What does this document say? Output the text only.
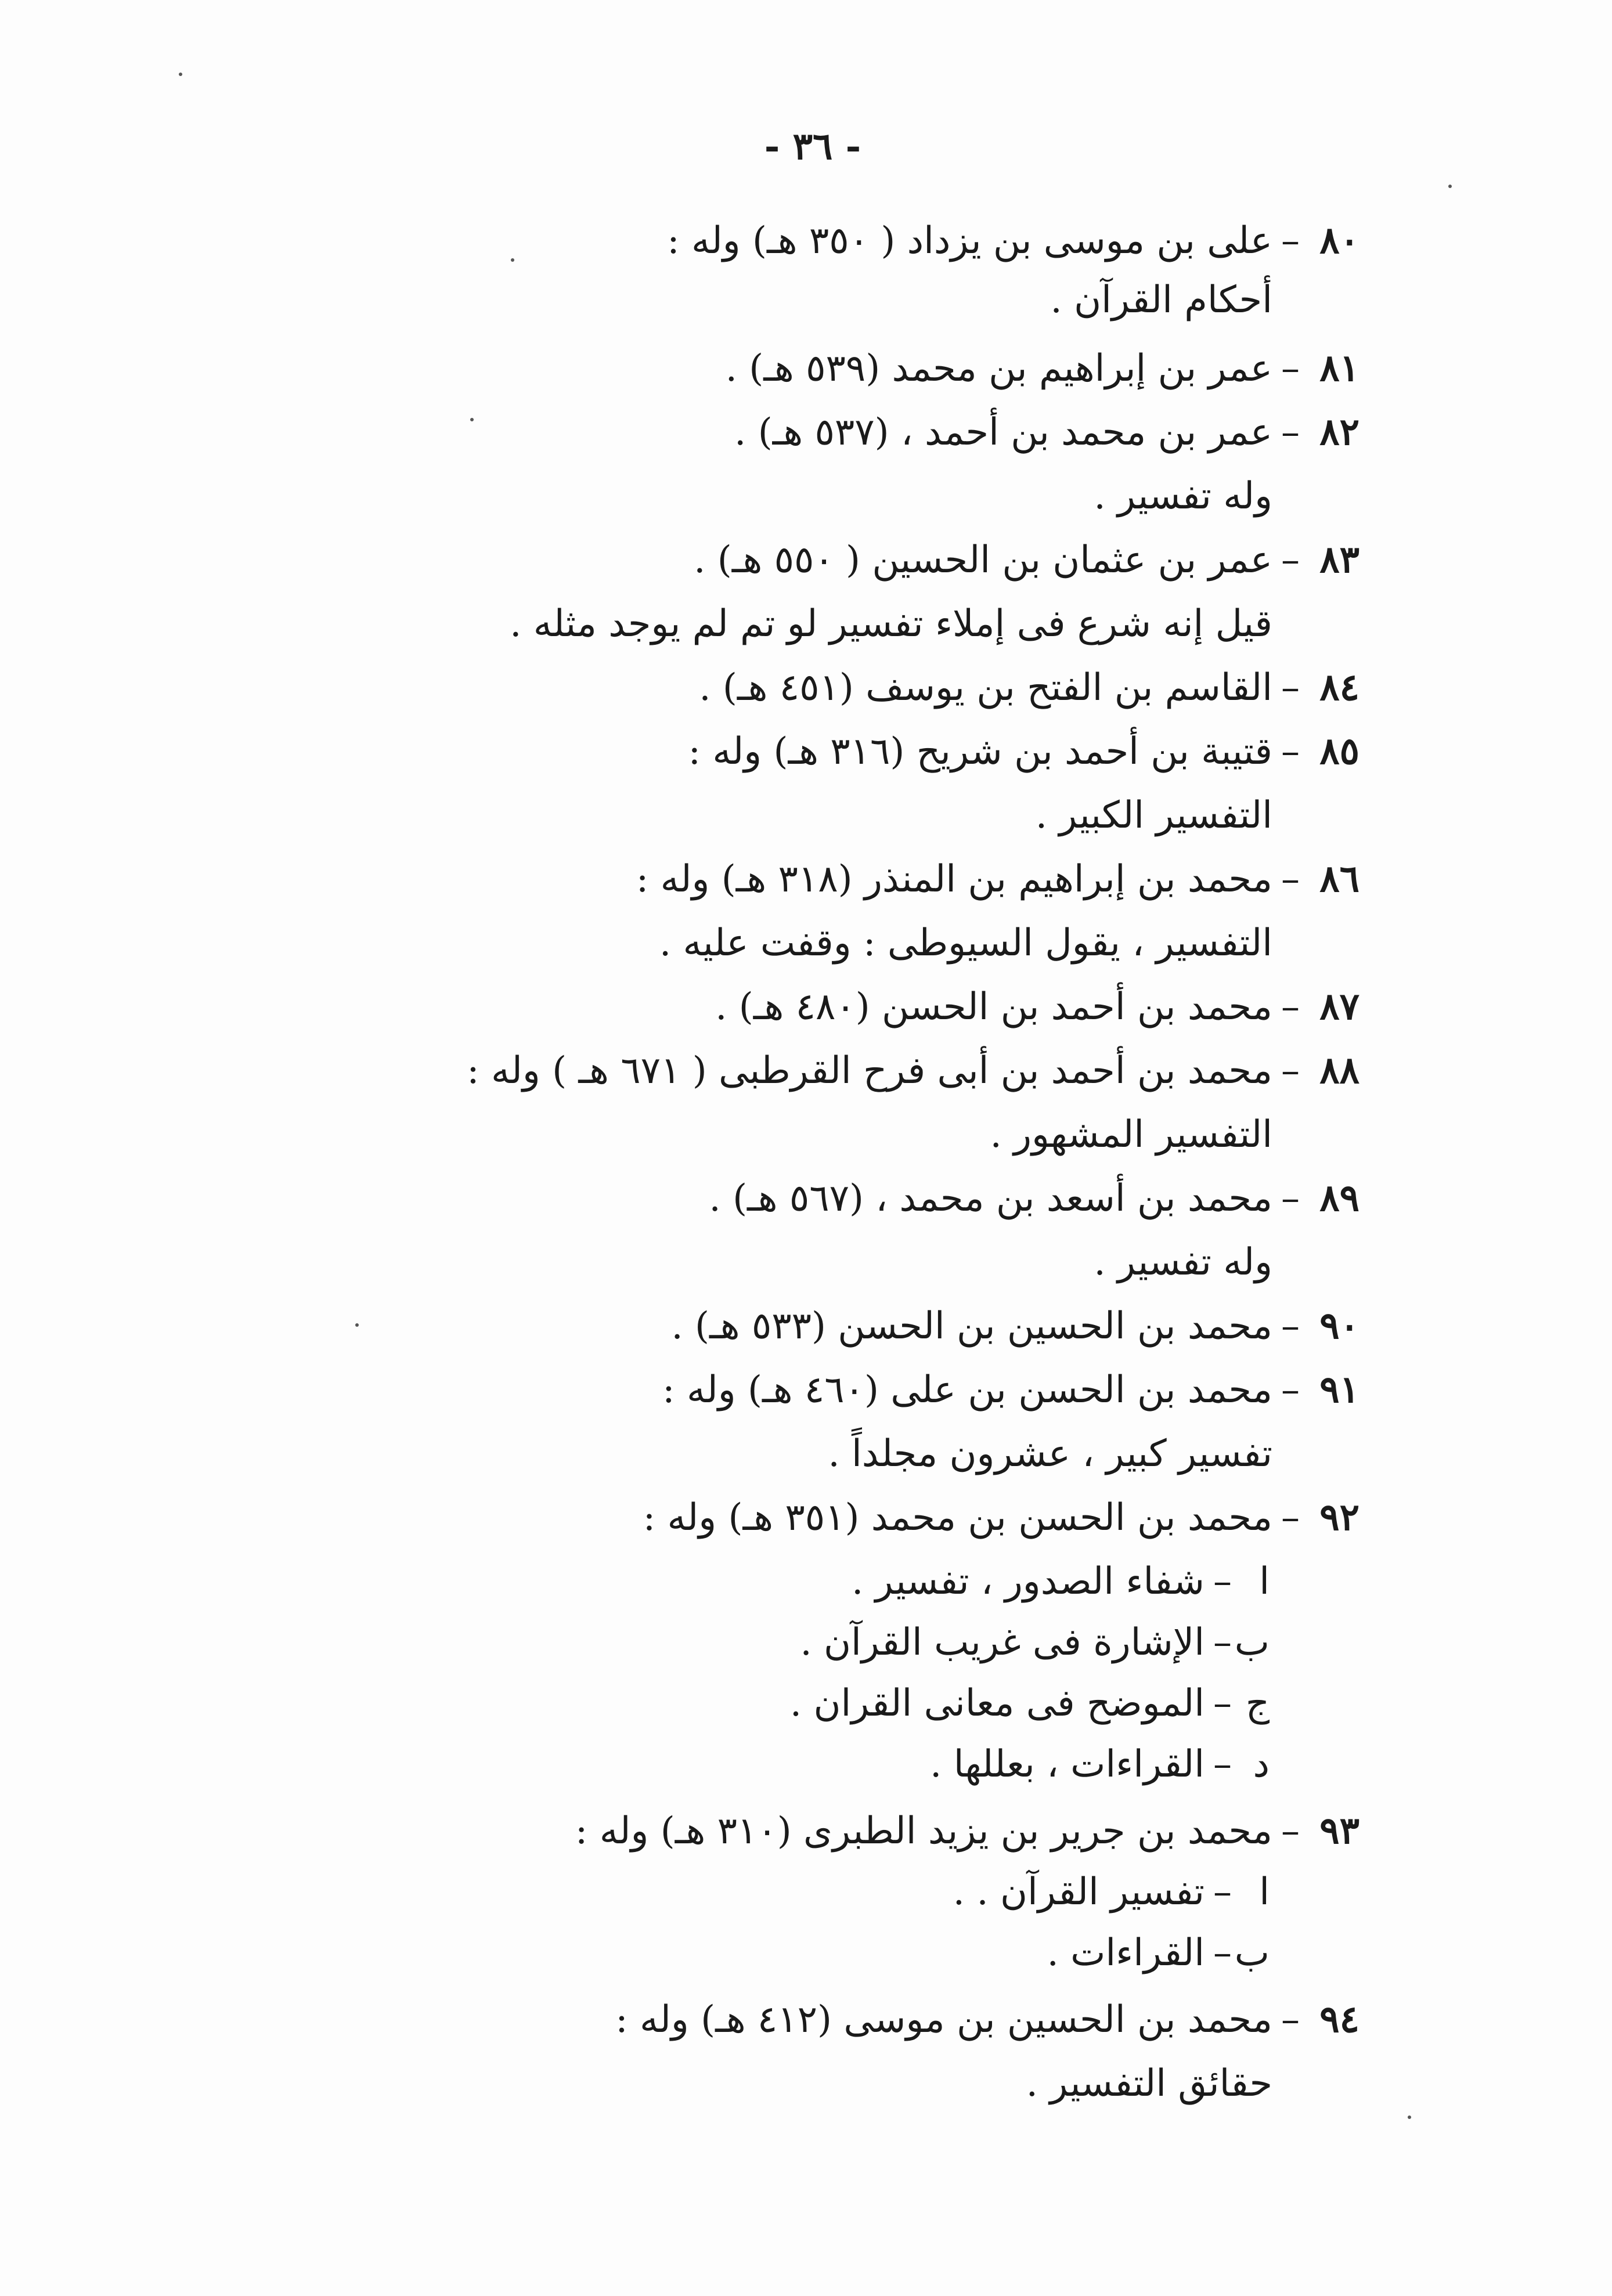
- ٣٦ -
٨٠–على بن موسى بن يزداد ( ٣٥٠ هـ) وله :
أحكام القرآن .
٨١–عمر بن إبراهيم بن محمد (٥٣٩ هـ) .
٨٢–عمر بن محمد بن أحمد ، (٥٣٧ هـ) .
وله تفسير .
٨٣–عمر بن عثمان بن الحسين ( ٥٥٠ هـ) .
قيل إنه شرع فى إملاء تفسير لو تم لم يوجد مثله .
٨٤–القاسم بن الفتح بن يوسف (٤٥١ هـ) .
٨٥–قتيبة بن أحمد بن شريح (٣١٦ هـ) وله :
التفسير الكبير .
٨٦–محمد بن إبراهيم بن المنذر (٣١٨ هـ) وله :
التفسير ، يقول السيوطى : وقفت عليه .
٨٧–محمد بن أحمد بن الحسن (٤٨٠ هـ) .
٨٨–محمد بن أحمد بن أبى فرح القرطبى ( ٦٧١ هـ ) وله :
التفسير المشهور .
٨٩–محمد بن أسعد بن محمد ، (٥٦٧ هـ) .
وله تفسير .
٩٠–محمد بن الحسين بن الحسن (٥٣٣ هـ) .
٩١–محمد بن الحسن بن على (٤٦٠ هـ) وله :
تفسير كبير ، عشرون مجلداً .
٩٢–محمد بن الحسن بن محمد (٣٥١ هـ) وله :
ا–شفاء الصدور ، تفسير .
ب–الإشارة فى غريب القرآن .
ج–الموضح فى معانى القران .
د–القراءات ، بعللها .
٩٣–محمد بن جرير بن يزيد الطبرى (٣١٠ هـ) وله :
ا–تفسير القرآن . .
ب–القراءات .
٩٤–محمد بن الحسين بن موسى (٤١٢ هـ) وله :
حقائق التفسير .
